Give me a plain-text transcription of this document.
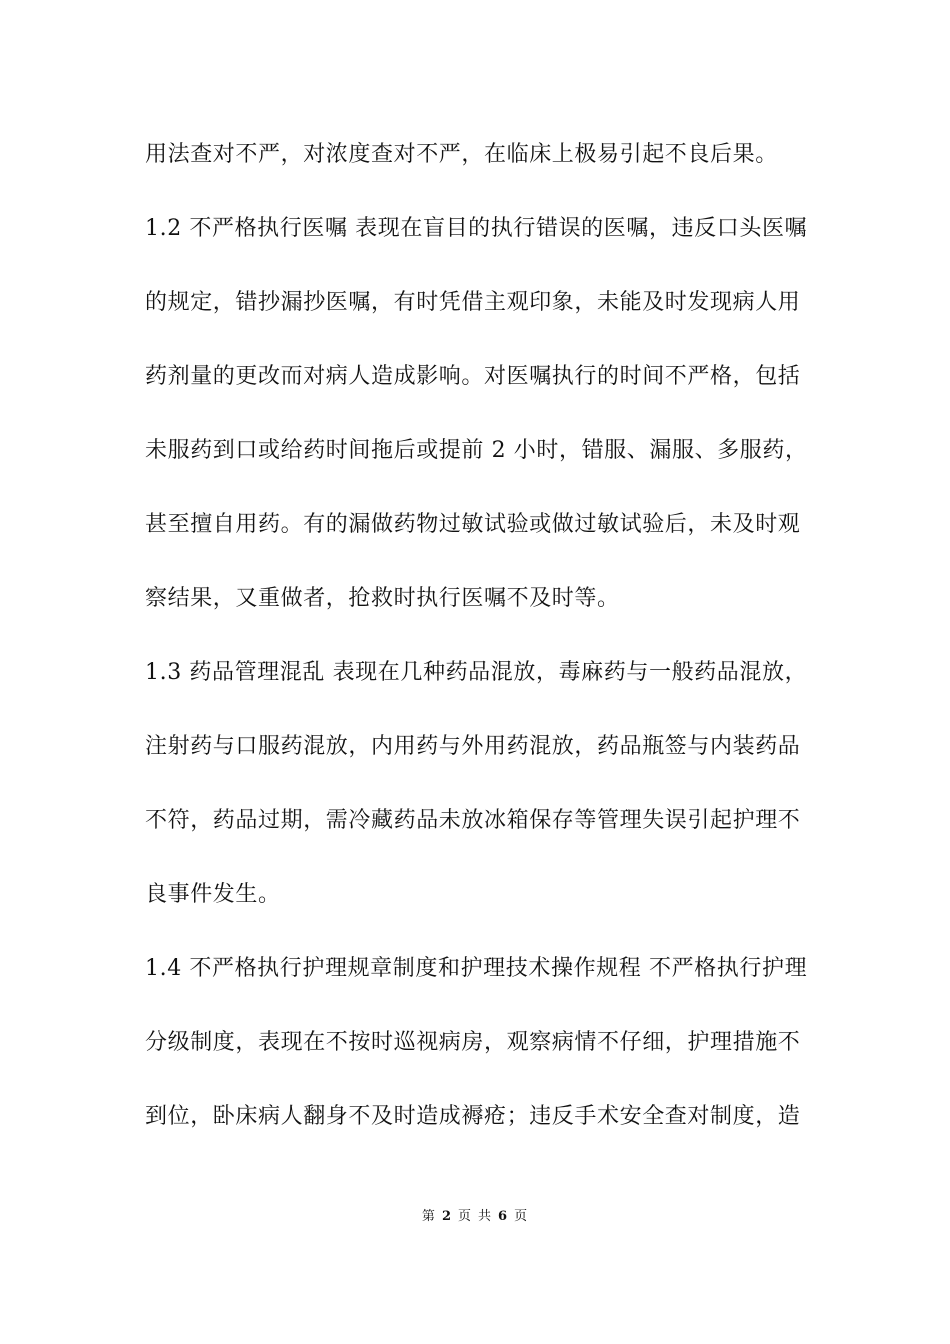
用法查对不严，对浓度查对不严，在临床上极易引起不良后果。
1.2 不严格执行医嘱 表现在盲目的执行错误的医嘱，违反口头医嘱
的规定，错抄漏抄医嘱，有时凭借主观印象，未能及时发现病人用
药剂量的更改而对病人造成影响。对医嘱执行的时间不严格，包括
未服药到口或给药时间拖后或提前 2 小时，错服、漏服、多服药，
甚至擅自用药。有的漏做药物过敏试验或做过敏试验后，未及时观
察结果，又重做者，抢救时执行医嘱不及时等。
1.3 药品管理混乱 表现在几种药品混放，毒麻药与一般药品混放，
注射药与口服药混放，内用药与外用药混放，药品瓶签与内装药品
不符，药品过期，需冷藏药品未放冰箱保存等管理失误引起护理不
良事件发生。
1.4 不严格执行护理规章制度和护理技术操作规程 不严格执行护理
分级制度，表现在不按时巡视病房，观察病情不仔细，护理措施不
到位，卧床病人翻身不及时造成褥疮；违反手术安全查对制度，造
第 2 页 共 6 页
